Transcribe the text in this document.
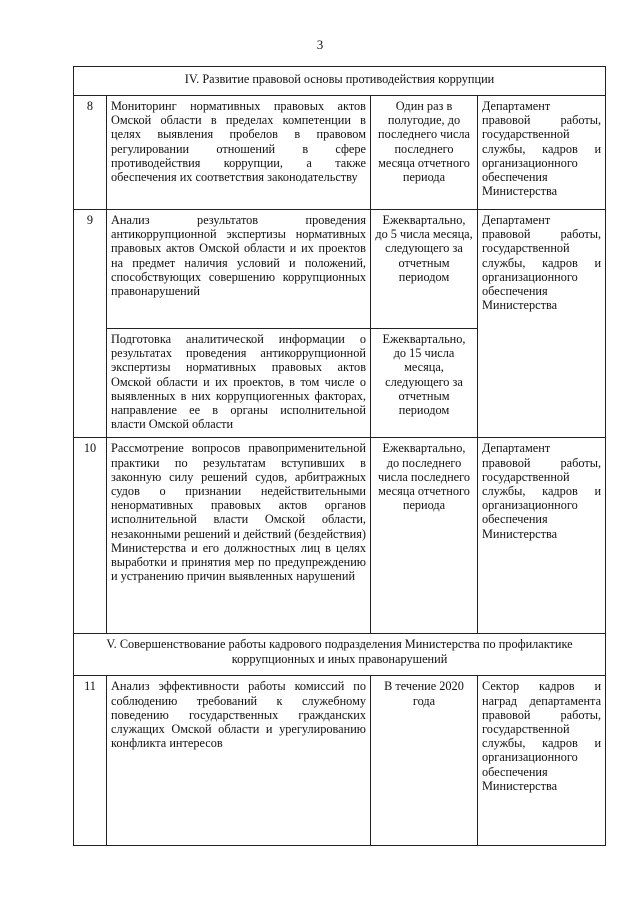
3
IV. Развитие правовой основы противодействия коррупции			
8	Мониторинг нормативных правовых актов Омской области в пределах компетенции в целях выявления пробелов в правовом регулировании отношений в сфере противодействия коррупции, а также обеспечения их соответствия законодательству	Один раз в полугодие, до последнего числа последнего месяца отчетного периода	Департамент правовой работы, государственной службы, кадров и организационного обеспечения Министерства
9	Анализ результатов проведения антикоррупционной экспертизы нормативных правовых актов Омской области и их проектов на предмет наличия условий и положений, способствующих совершению коррупционных правонарушений	Ежеквартально, до 5 числа месяца, следующего за отчетным периодом	Департамент правовой работы, государственной службы, кадров и организационного обеспечения Министерства
	Подготовка аналитической информации о результатах проведения антикоррупционной экспертизы нормативных правовых актов Омской области и их проектов, в том числе о выявленных в них коррупциогенных факторах, направление ее в органы исполнительной власти Омской области	Ежеквартально, до 15 числа месяца, следующего за отчетным периодом	
10	Рассмотрение вопросов правоприменительной практики по результатам вступивших в законную силу решений судов, арбитражных судов о признании недействительными ненормативных правовых актов органов исполнительной власти Омской области, незаконными решений и действий (бездействия) Министерства и его должностных лиц в целях выработки и принятия мер по предупреждению и устранению причин выявленных нарушений	Ежеквартально, до последнего числа последнего месяца отчетного периода	Департамент правовой работы, государственной службы, кадров и организационного обеспечения Министерства
V. Совершенствование работы кадрового подразделения Министерства по профилактике коррупционных и иных правонарушений			
11	Анализ эффективности работы комиссий по соблюдению требований к служебному поведению государственных гражданских служащих Омской области и урегулированию конфликта интересов	В течение 2020 года	Сектор кадров и наград департамента правовой работы, государственной службы, кадров и организационного обеспечения Министерства
